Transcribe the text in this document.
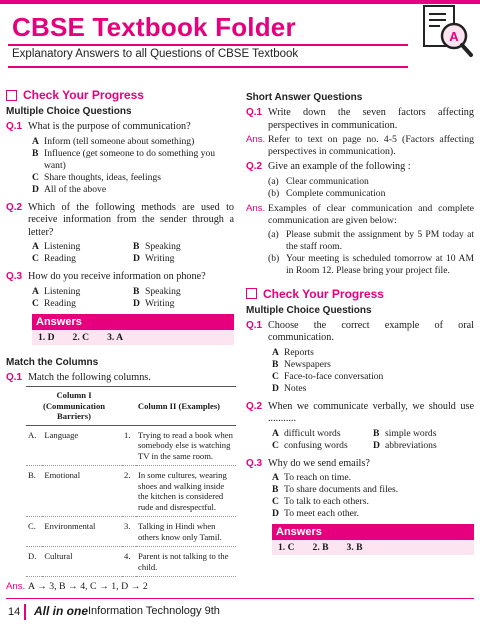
CBSE Textbook Folder
Explanatory Answers to all Questions of CBSE Textbook
A
Check Your Progress
Multiple Choice Questions
Q.1 What is the purpose of communication?
A Inform (tell someone about something)
B Influence (get someone to do something you want)
C Share thoughts, ideas, feelings
D All of the above
Q.2 Which of the following methods are used to receive information from the sender through a letter?
A Listening	B Speaking
C Reading	D Writing
Q.3 How do you receive information on phone?
A Listening	B Speaking
C Reading	D Writing
Answers
1. D 2. C 3. A
Match the Columns
Q.1 Match the following columns.
Column I (Communication Barriers)		Column II (Examples)	
A.	Language	1.	Trying to read a book when somebody else is watching TV in the same room.
B.	Emotional	2.	In some cultures, wearing shoes and walking inside the kitchen is considered rude and disrespectful.
C.	Environmental	3.	Talking in Hindi when others know only Tamil.
D.	Cultural	4.	Parent is not talking to the child.
Ans. A → 3, B → 4, C → 1, D → 2
Short Answer Questions
Q.1 Write down the seven factors affecting perspectives in communication.
Ans. Refer to text on page no. 4-5 (Factors affecting perspectives in communication).
Q.2 Give an example of the following :
(a) Clear communication
(b) Complete communication
Ans. Examples of clear communication and complete communication are given below:
(a) Please submit the assignment by 5 PM today at the staff room.
(b) Your meeting is scheduled tomorrow at 10 AM in Room 12. Please bring your project file.
Check Your Progress
Multiple Choice Questions
Q.1 Choose the correct example of oral communication.
A Reports
B Newspapers
C Face-to-face conversation
D Notes
Q.2 When we communicate verbally, we should use ...........
A difficult words	B simple words
C confusing words	D abbreviations
Q.3 Why do we send emails?
A To reach on time.
B To share documents and files.
C To talk to each others.
D To meet each other.
Answers
1. C 2. B 3. B
14 All in one Information Technology 9th
